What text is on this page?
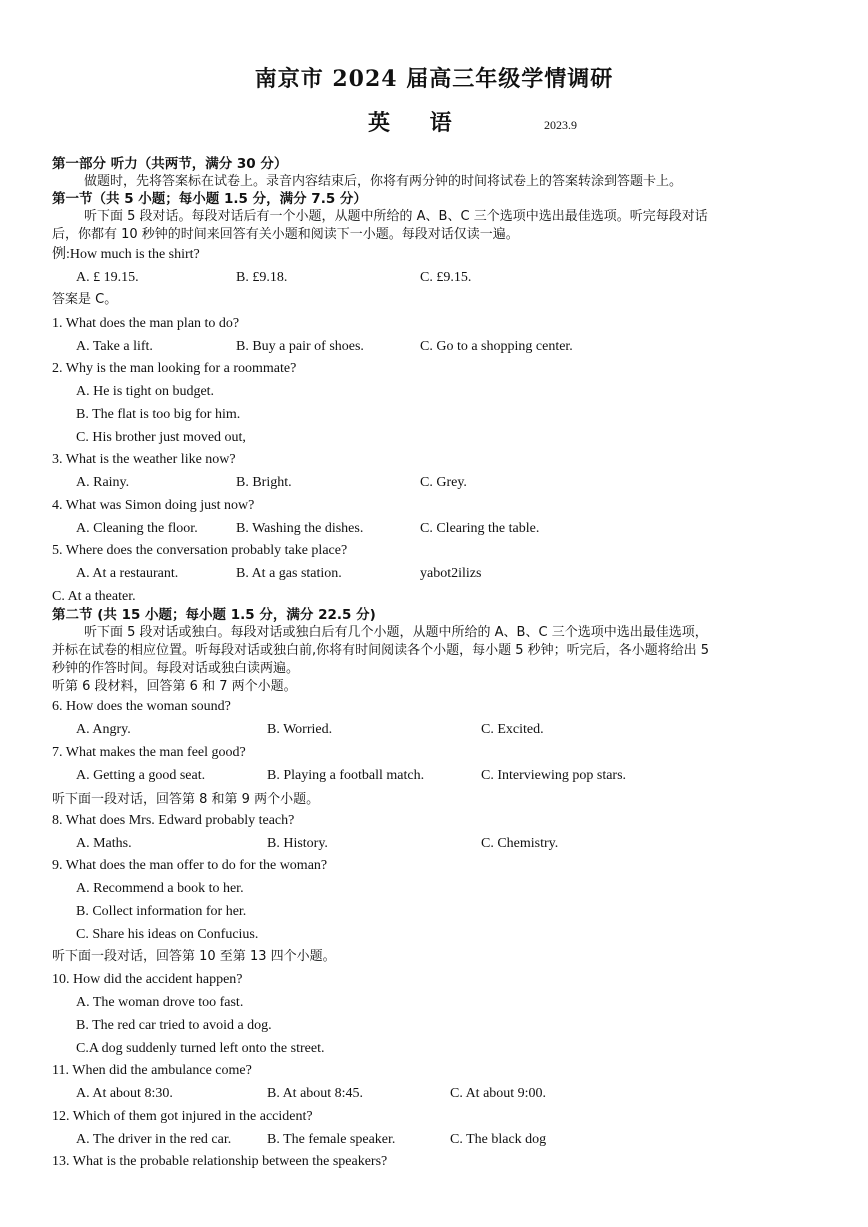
南京市 2024 届高三年级学情调研
英 语	2023.9
第一部分 听力（共两节，满分 30 分）
做题时，先将答案标在试卷上。录音内容结束后，你将有两分钟的时间将试卷上的答案转涂到答题卡上。
第一节（共 5 小题；每小题 1.5 分，满分 7.5 分）
听下面 5 段对话。每段对话后有一个小题，从题中所给的 A、B、C 三个选项中选出最佳选项。听完每段对话
后，你都有 10 秒钟的时间来回答有关小题和阅读下一小题。每段对话仅读一遍。
例:How much is the shirt?
A. £ 19.15.	B. £9.18.	C. £9.15.
答案是 C。
1. What does the man plan to do?
A. Take a lift.	B. Buy a pair of shoes.	C. Go to a shopping center.
2. Why is the man looking for a roommate?
A. He is tight on budget.
B. The flat is too big for him.
C. His brother just moved out,
3. What is the weather like now?
A. Rainy.	B. Bright.	C. Grey.
4. What was Simon doing just now?
A. Cleaning the floor.	B. Washing the dishes.	C. Clearing the table.
5. Where does the conversation probably take place?
A. At a restaurant.	B. At a gas station.	yabot2ilizs
C. At a theater.
第二节 (共 15 小题；每小题 1.5 分，满分 22.5 分)
听下面 5 段对话或独白。每段对话或独白后有几个小题，从题中所给的 A、B、C 三个选项中选出最佳选项，
并标在试卷的相应位置。听每段对话或独白前,你将有时间阅读各个小题，每小题 5 秒钟；听完后，各小题将给出 5
秒钟的作答时间。每段对话或独白读两遍。
听第 6 段材料，回答第 6 和 7 两个小题。
6. How does the woman sound?
A. Angry.	B. Worried.	C. Excited.
7. What makes the man feel good?
A. Getting a good seat.	B. Playing a football match.	C. Interviewing pop stars.
听下面一段对话，回答第 8 和第 9 两个小题。
8. What does Mrs. Edward probably teach?
A. Maths.	B. History.	C. Chemistry.
9. What does the man offer to do for the woman?
A. Recommend a book to her.
B. Collect information for her.
C. Share his ideas on Confucius.
听下面一段对话，回答第 10 至第 13 四个小题。
10. How did the accident happen?
A. The woman drove too fast.
B. The red car tried to avoid a dog.
C.A dog suddenly turned left onto the street.
11. When did the ambulance come?
A. At about 8:30.	B. At about 8:45.	C. At about 9:00.
12. Which of them got injured in the accident?
A. The driver in the red car.	B. The female speaker.	C. The black dog
13. What is the probable relationship between the speakers?
